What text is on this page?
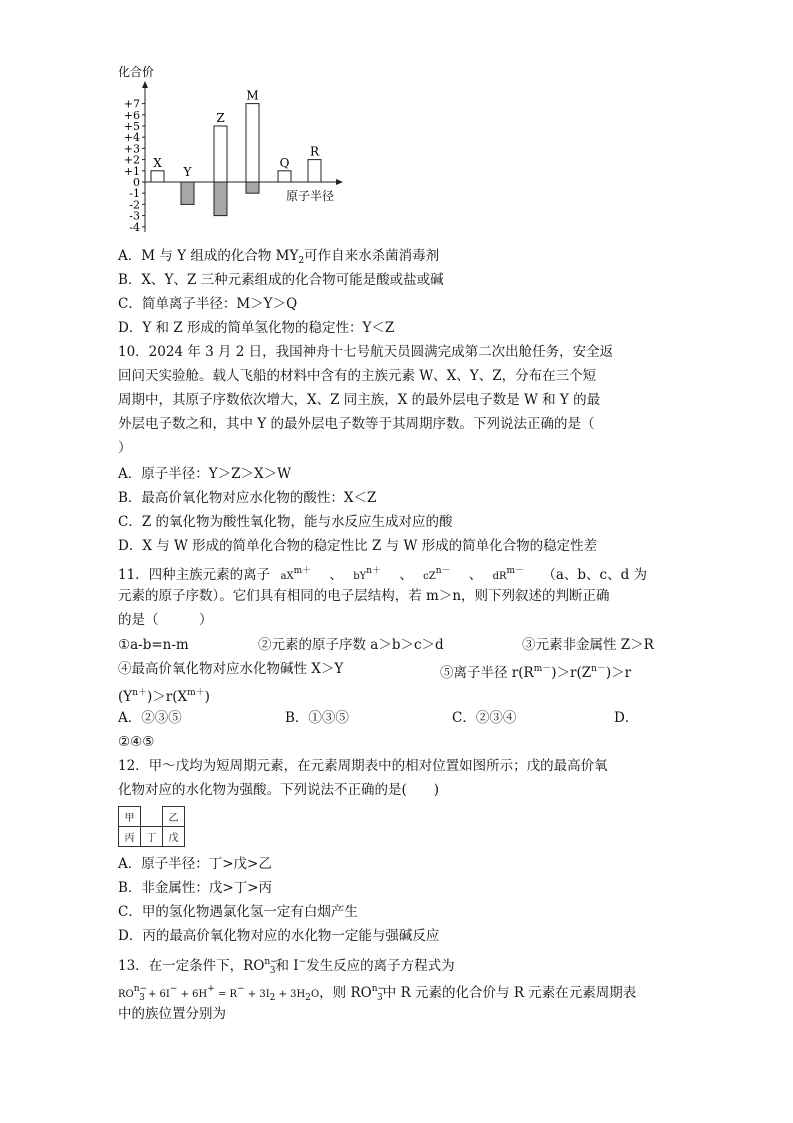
化合价
原子半径
+7
+6
+5
+4
+3
+2
+1
0
-1
-2
-3
-4
X
Y
Z
M
Q
R
A．M 与 Y 组成的化合物 $MY_2$可作自来水杀菌消毒剂
B．X、Y、Z 三种元素组成的化合物可能是酸或盐或碱
C．简单离子半径：M＞Y＞Q
D．Y 和 Z 形成的简单氢化物的稳定性：Y＜Z
10．2024 年 3 月 2 日，我国神舟十七号航天员圆满完成第二次出舱任务，安全返
回问天实验舱。载人飞船的材料中含有的主族元素 W、X、Y、Z，分布在三个短
周期中，其原子序数依次增大，X、Z 同主族，X 的最外层电子数是 W 和 Y 的最
外层电子数之和，其中 Y 的最外层电子数等于其周期序数。下列说法正确的是（
）
A．原子半径：Y＞Z＞X＞W
B．最高价氧化物对应水化物的酸性：X＜Z
C．Z 的氧化物为酸性氧化物，能与水反应生成对应的酸
D．X 与 W 形成的简单化合物的稳定性比 Z 与 W 形成的简单化合物的稳定性差
11．四种主族元素的离子 $aX^{m+}$ 、 $bY^{n+}$ 、 $cZ^{n-}$ 、 $dR^{m-}$ （a、b、c、d 为
元素的原子序数）。它们具有相同的电子层结构，若 m＞n，则下列叙述的判断正确
的是（　　　）
①a-b=n-m	②元素的原子序数 a＞b＞c＞d	③元素非金属性 Z＞R
④最高价氧化物对应水化物碱性 X＞Y	⑤离子半径 $r(R^{m-})>r(Z^{n-})>r$
$(Y^{n+})>r(X^{m+})$
A．②③⑤	B．①③⑤	C．②③④	D．
②④⑤
12．甲～戊均为短周期元素，在元素周期表中的相对位置如图所示；戊的最高价氧
化物对应的水化物为强酸。下列说法不正确的是(　　)
甲		乙
丙	丁	戊
A．原子半径：丁>戊>乙
B．非金属性：戊>丁>丙
C．甲的氢化物遇氯化氢一定有白烟产生
D．丙的最高价氧化物对应的水化物一定能与强碱反应
13．在一定条件下，$RO^{n-}_3$和 I−发生反应的离子方程式为
ROn−3 + 6I− + 6H+ = R− + 3I2 + 3H2O，则 $RO^{n-}_3$中 R 元素的化合价与 R 元素在元素周期表
中的族位置分别为
